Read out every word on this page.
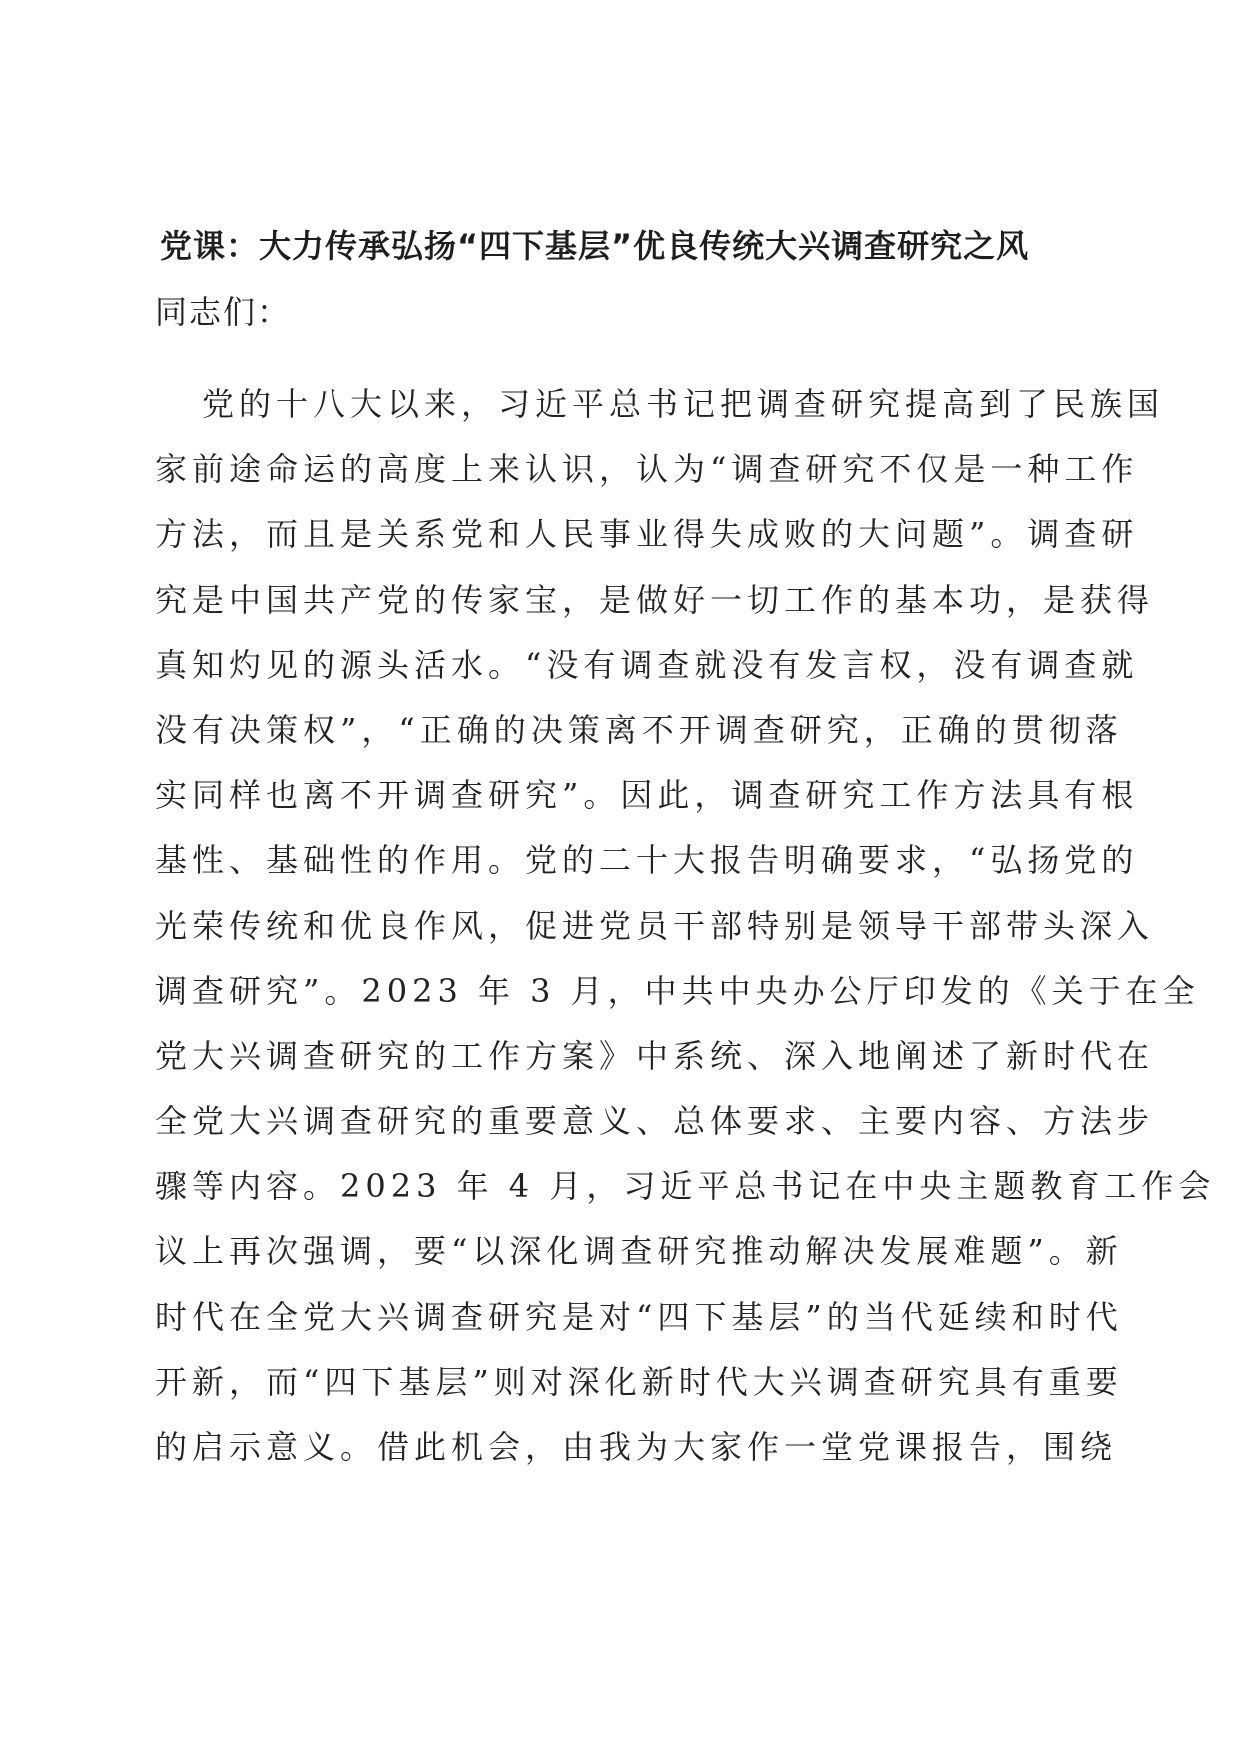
党课：大力传承弘扬“四下基层”优良传统大兴调查研究之风
同志们：
党的十八大以来，习近平总书记把调查研究提高到了民族国
家前途命运的高度上来认识，认为“调查研究不仅是一种工作
方法，而且是关系党和人民事业得失成败的大问题”。调查研
究是中国共产党的传家宝，是做好一切工作的基本功，是获得
真知灼见的源头活水。“没有调查就没有发言权，没有调查就
没有决策权”，“正确的决策离不开调查研究，正确的贯彻落
实同样也离不开调查研究”。因此，调查研究工作方法具有根
基性、基础性的作用。党的二十大报告明确要求，“弘扬党的
光荣传统和优良作风，促进党员干部特别是领导干部带头深入
调查研究”。2023 年 3 月，中共中央办公厅印发的《关于在全
党大兴调查研究的工作方案》中系统、深入地阐述了新时代在
全党大兴调查研究的重要意义、总体要求、主要内容、方法步
骤等内容。2023 年 4 月，习近平总书记在中央主题教育工作会
议上再次强调，要“以深化调查研究推动解决发展难题”。新
时代在全党大兴调查研究是对“四下基层”的当代延续和时代
开新，而“四下基层”则对深化新时代大兴调查研究具有重要
的启示意义。借此机会，由我为大家作一堂党课报告，围绕
